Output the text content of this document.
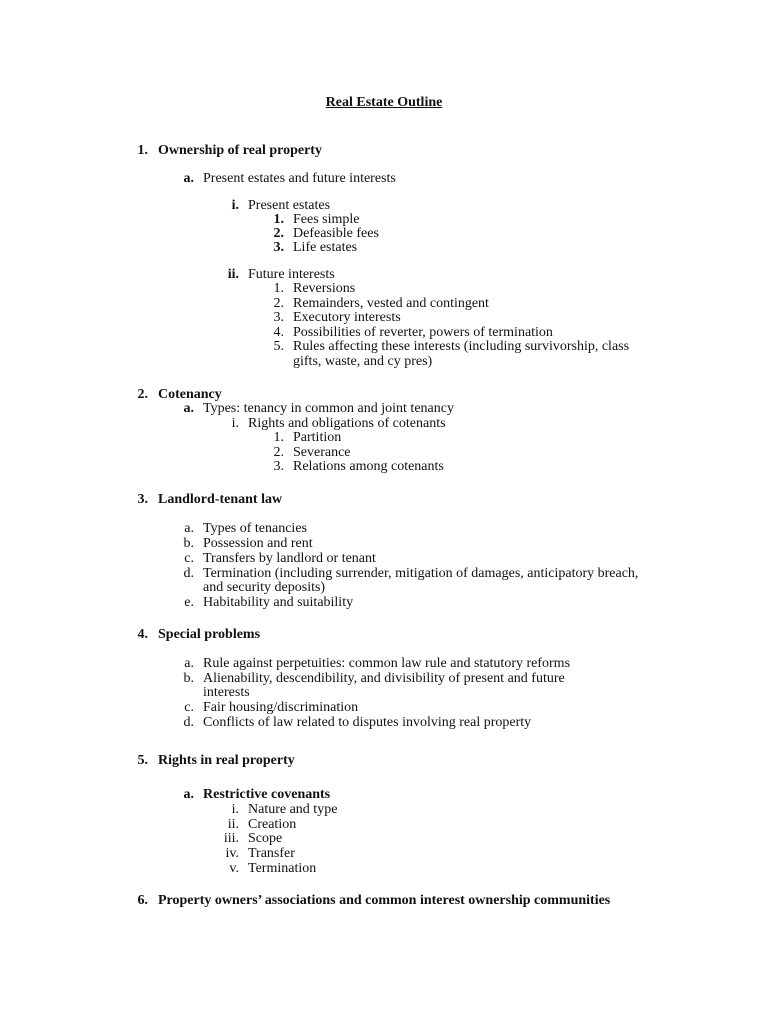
Real Estate Outline
1. Ownership of real property
a. Present estates and future interests
i. Present estates
1. Fees simple
2. Defeasible fees
3. Life estates
ii. Future interests
1. Reversions
2. Remainders, vested and contingent
3. Executory interests
4. Possibilities of reverter, powers of termination
5. Rules affecting these interests (including survivorship, class
gifts, waste, and cy pres)
2. Cotenancy
a. Types: tenancy in common and joint tenancy
i. Rights and obligations of cotenants
1. Partition
2. Severance
3. Relations among cotenants
3. Landlord-tenant law
a. Types of tenancies
b. Possession and rent
c. Transfers by landlord or tenant
d. Termination (including surrender, mitigation of damages, anticipatory breach,
and security deposits)
e. Habitability and suitability
4. Special problems
a. Rule against perpetuities: common law rule and statutory reforms
b. Alienability, descendibility, and divisibility of present and future
interests
c. Fair housing/discrimination
d. Conflicts of law related to disputes involving real property
5. Rights in real property
a. Restrictive covenants
i. Nature and type
ii. Creation
iii. Scope
iv. Transfer
v. Termination
6. Property owners’ associations and common interest ownership communities
